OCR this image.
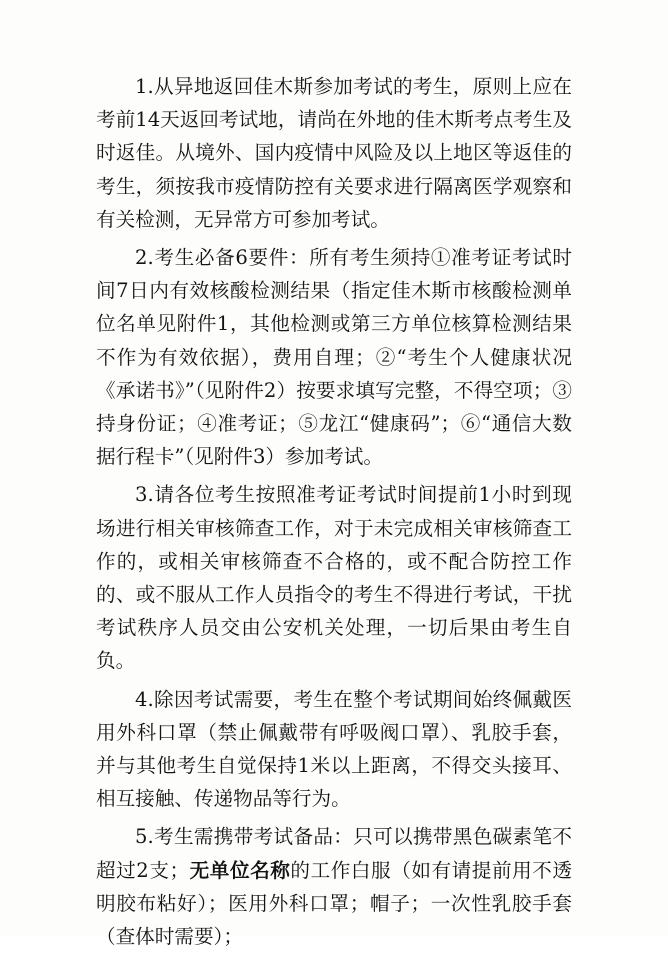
1.从异地返回佳木斯参加考试的考生，原则上应在考前14天返回考试地，请尚在外地的佳木斯考点考生及时返佳。从境外、国内疫情中风险及以上地区等返佳的考生，须按我市疫情防控有关要求进行隔离医学观察和有关检测，无异常方可参加考试。

2.考生必备6要件：所有考生须持①准考证考试时间7日内有效核酸检测结果（指定佳木斯市核酸检测单位名单见附件1，其他检测或第三方单位核算检测结果不作为有效依据），费用自理；②“考生个人健康状况《承诺书》”（见附件2）按要求填写完整，不得空项；③持身份证；④准考证；⑤龙江“健康码”；⑥“通信大数据行程卡”（见附件3）参加考试。

3.请各位考生按照准考证考试时间提前1小时到现场进行相关审核筛查工作，对于未完成相关审核筛查工作的，或相关审核筛查不合格的，或不配合防控工作的、或不服从工作人员指令的考生不得进行考试，干扰考试秩序人员交由公安机关处理，一切后果由考生自负。

4.除因考试需要，考生在整个考试期间始终佩戴医用外科口罩（禁止佩戴带有呼吸阀口罩）、乳胶手套，并与其他考生自觉保持1米以上距离，不得交头接耳、相互接触、传递物品等行为。

5.考生需携带考试备品：只可以携带黑色碳素笔不超过2支；无单位名称的工作白服（如有请提前用不透明胶布粘好）；医用外科口罩；帽子；一次性乳胶手套（查体时需要）；
